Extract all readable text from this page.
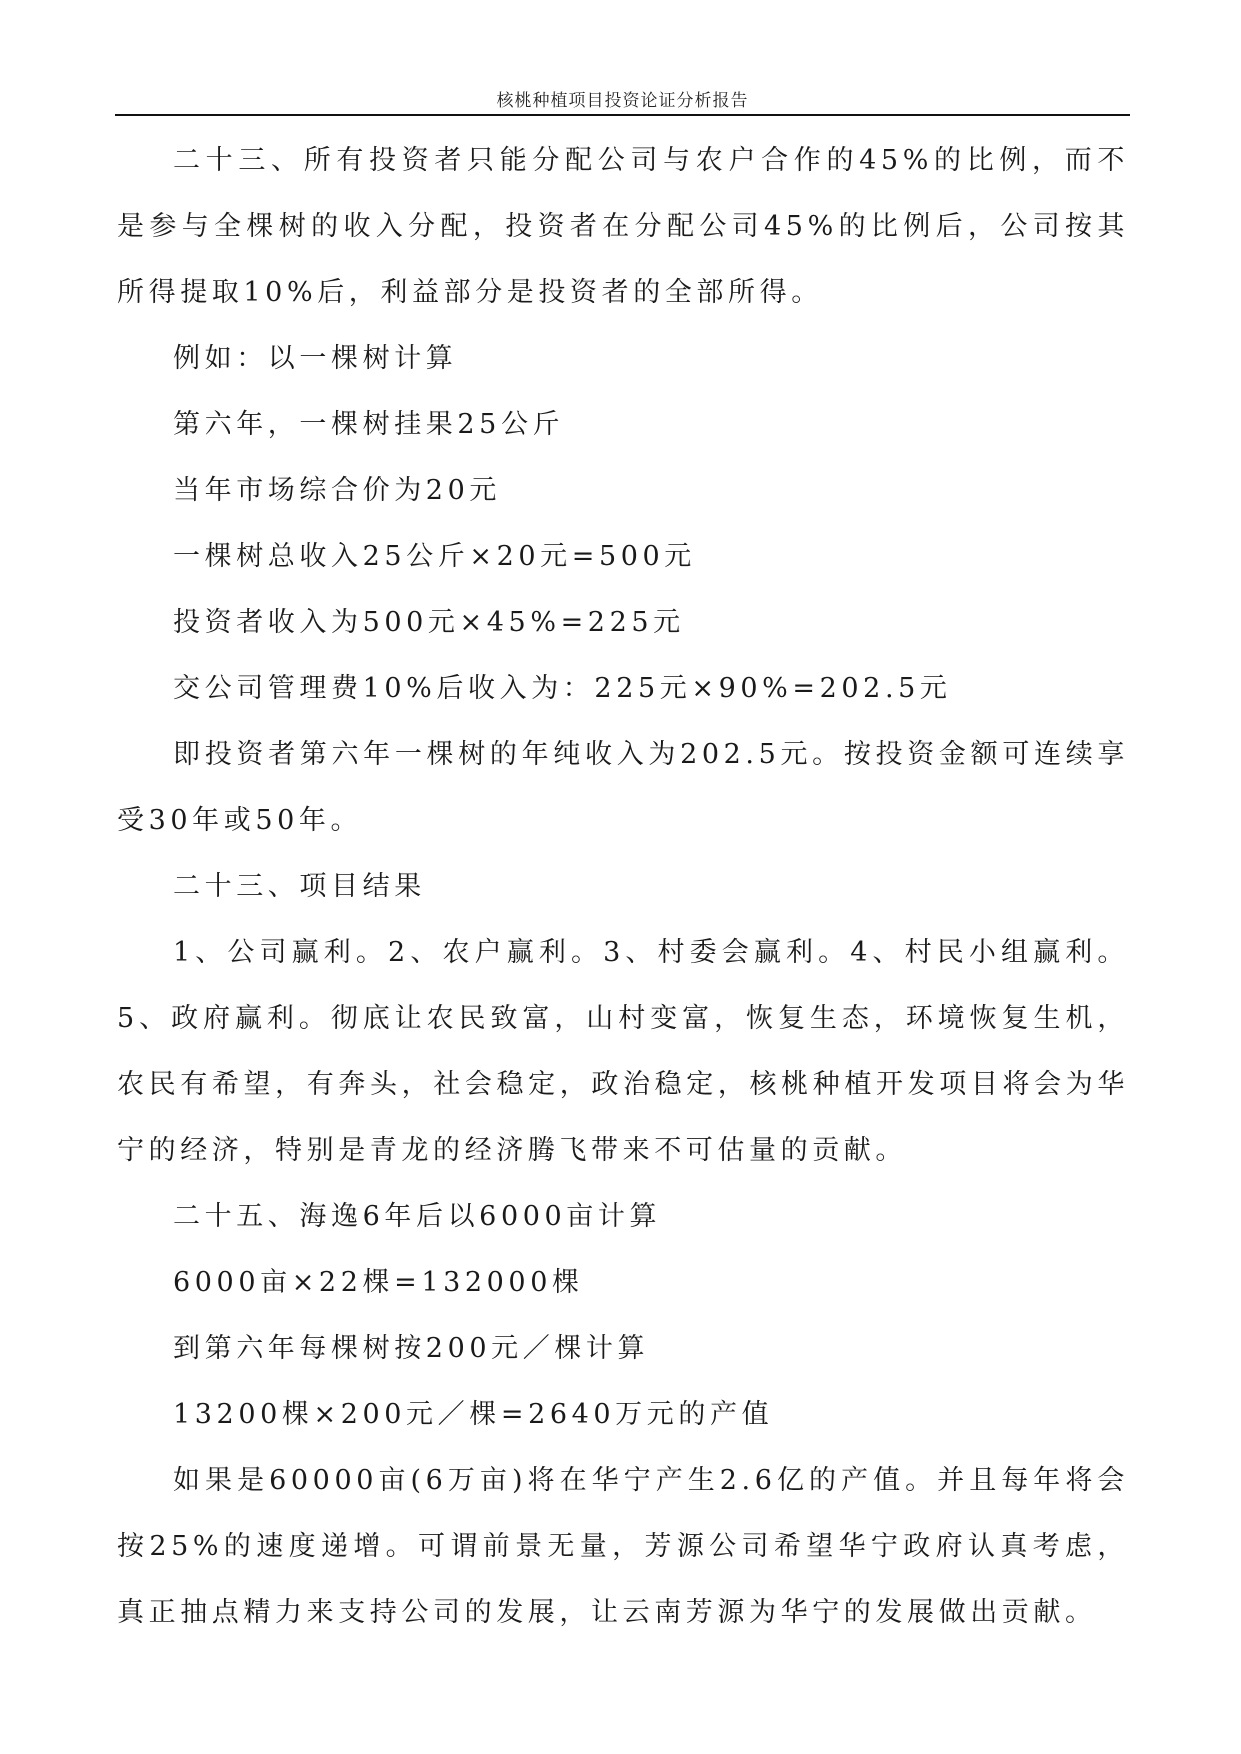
核桃种植项目投资论证分析报告

二十三、所有投资者只能分配公司与农户合作的45%的比例，而不是参与全棵树的收入分配，投资者在分配公司45%的比例后，公司按其所得提取10%后，利益部分是投资者的全部所得。

例如：以一棵树计算

第六年，一棵树挂果25公斤

当年市场综合价为20元

一棵树总收入25公斤×20元=500元

投资者收入为500元×45%=225元

交公司管理费10%后收入为：225元×90%=202.5元

即投资者第六年一棵树的年纯收入为202.5元。按投资金额可连续享受30年或50年。

二十三、项目结果

1、公司赢利。2、农户赢利。3、村委会赢利。4、村民小组赢利。5、政府赢利。彻底让农民致富，山村变富，恢复生态，环境恢复生机，农民有希望，有奔头，社会稳定，政治稳定，核桃种植开发项目将会为华宁的经济，特别是青龙的经济腾飞带来不可估量的贡献。

二十五、海逸6年后以6000亩计算

6000亩×22棵=132000棵

到第六年每棵树按200元／棵计算

13200棵×200元／棵=2640万元的产值

如果是60000亩(6万亩)将在华宁产生2.6亿的产值。并且每年将会按25%的速度递增。可谓前景无量，芳源公司希望华宁政府认真考虑，真正抽点精力来支持公司的发展，让云南芳源为华宁的发展做出贡献。
